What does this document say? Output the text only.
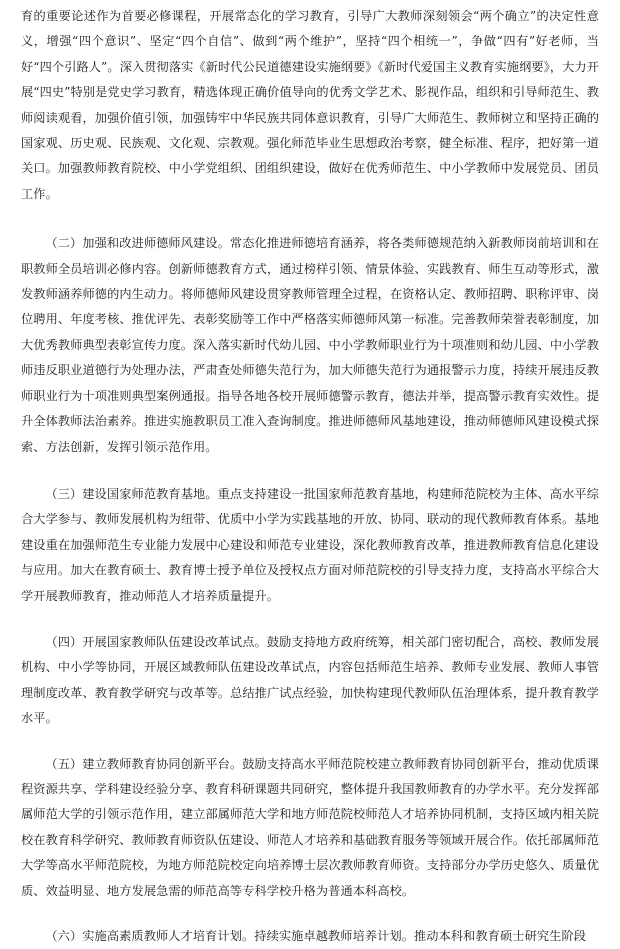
育的重要论述作为首要必修课程，开展常态化的学习教育，引导广大教师深刻领会“两个确立”的决定性意义，增强“四个意识”、坚定“四个自信”、做到“两个维护”，坚持“四个相统一”，争做“四有”好老师，当好“四个引路人”。深入贯彻落实《新时代公民道德建设实施纲要》《新时代爱国主义教育实施纲要》，大力开展“四史”特别是党史学习教育，精选体现正确价值导向的优秀文学艺术、影视作品，组织和引导师范生、教师阅读观看，加强价值引领，加强铸牢中华民族共同体意识教育，引导广大师范生、教师树立和坚持正确的国家观、历史观、民族观、文化观、宗教观。强化师范毕业生思想政治考察，健全标准、程序，把好第一道关口。加强教师教育院校、中小学党组织、团组织建设，做好在优秀师范生、中小学教师中发展党员、团员工作。

（二）加强和改进师德师风建设。常态化推进师德培育涵养，将各类师德规范纳入新教师岗前培训和在职教师全员培训必修内容。创新师德教育方式，通过榜样引领、情景体验、实践教育、师生互动等形式，激发教师涵养师德的内生动力。将师德师风建设贯穿教师管理全过程，在资格认定、教师招聘、职称评审、岗位聘用、年度考核、推优评先、表彰奖励等工作中严格落实师德师风第一标准。完善教师荣誉表彰制度，加大优秀教师典型表彰宣传力度。深入落实新时代幼儿园、中小学教师职业行为十项准则和幼儿园、中小学教师违反职业道德行为处理办法，严肃查处师德失范行为，加大师德失范行为通报警示力度，持续开展违反教师职业行为十项准则典型案例通报。指导各地各校开展师德警示教育，德法并举，提高警示教育实效性。提升全体教师法治素养。推进实施教职员工准入查询制度。推进师德师风基地建设，推动师德师风建设模式探索、方法创新，发挥引领示范作用。

（三）建设国家师范教育基地。重点支持建设一批国家师范教育基地，构建师范院校为主体、高水平综合大学参与、教师发展机构为纽带、优质中小学为实践基地的开放、协同、联动的现代教师教育体系。基地建设重在加强师范生专业能力发展中心建设和师范专业建设，深化教师教育改革，推进教师教育信息化建设与应用。加大在教育硕士、教育博士授予单位及授权点方面对师范院校的引导支持力度，支持高水平综合大学开展教师教育，推动师范人才培养质量提升。

（四）开展国家教师队伍建设改革试点。鼓励支持地方政府统筹，相关部门密切配合，高校、教师发展机构、中小学等协同，开展区域教师队伍建设改革试点，内容包括师范生培养、教师专业发展、教师人事管理制度改革、教育教学研究与改革等。总结推广试点经验，加快构建现代教师队伍治理体系，提升教育教学水平。

（五）建立教师教育协同创新平台。鼓励支持高水平师范院校建立教师教育协同创新平台，推动优质课程资源共享、学科建设经验分享、教育科研课题共同研究，整体提升我国教师教育的办学水平。充分发挥部属师范大学的引领示范作用，建立部属师范大学和地方师范院校师范人才培养协同机制，支持区域内相关院校在教育科学研究、教师教育师资队伍建设、师范人才培养和基础教育服务等领域开展合作。依托部属师范大学等高水平师范院校，为地方师范院校定向培养博士层次教师教育师资。支持部分办学历史悠久、质量优质、效益明显、地方发展急需的师范高等专科学校升格为普通本科高校。

（六）实施高素质教师人才培育计划。持续实施卓越教师培养计划。推动本科和教育硕士研究生阶段
